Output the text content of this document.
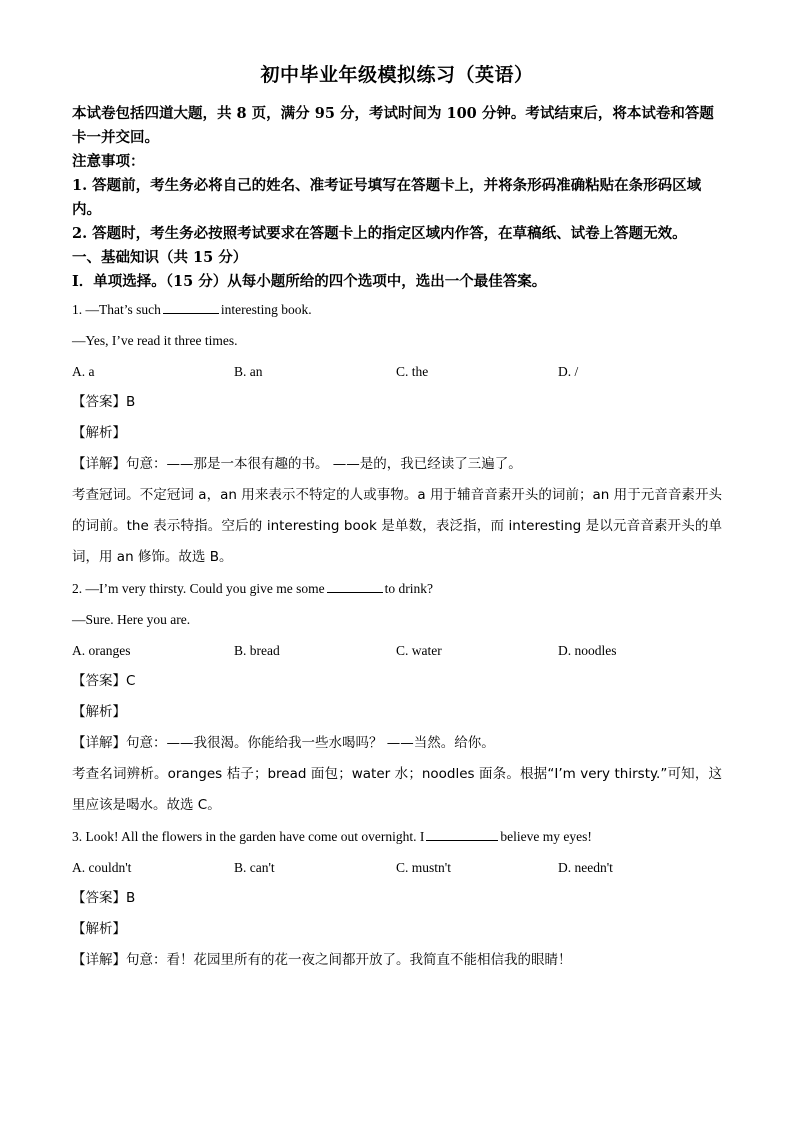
初中毕业年级模拟练习（英语）

本试卷包括四道大题，共 8 页，满分 95 分，考试时间为 100 分钟。考试结束后，将本试卷和答题卡一并交回。

注意事项：

1. 答题前，考生务必将自己的姓名、准考证号填写在答题卡上，并将条形码准确粘贴在条形码区域内。

2. 答题时，考生务必按照考试要求在答题卡上的指定区域内作答，在草稿纸、试卷上答题无效。

一、基础知识（共 15 分）

Ⅰ．单项选择。（15 分）从每小题所给的四个选项中，选出一个最佳答案。

1. —That’s such	interesting book.

—Yes, I’ve read it three times.

A. a	B. an	C. the	D. /

【答案】B

【解析】

【详解】句意：——那是一本很有趣的书。 ——是的，我已经读了三遍了。

考查冠词。不定冠词 a，an 用来表示不特定的人或事物。a 用于辅音音素开头的词前；an 用于元音音素开头的词前。the 表示特指。空后的 interesting book 是单数，表泛指，而 interesting 是以元音音素开头的单词，用 an 修饰。故选 B。

2. —I’m very thirsty. Could you give me some	to drink?

—Sure. Here you are.

A. oranges	B. bread	C. water	D. noodles

【答案】C

【解析】

【详解】句意：——我很渴。你能给我一些水喝吗？ ——当然。给你。

考查名词辨析。oranges 桔子；bread 面包；water 水；noodles 面条。根据“I’m very thirsty.”可知，这里应该是喝水。故选 C。

3. Look! All the flowers in the garden have come out overnight. I	believe my eyes!

A. couldn't	B. can't	C. mustn't	D. needn't

【答案】B

【解析】

【详解】句意：看！花园里所有的花一夜之间都开放了。我简直不能相信我的眼睛！
